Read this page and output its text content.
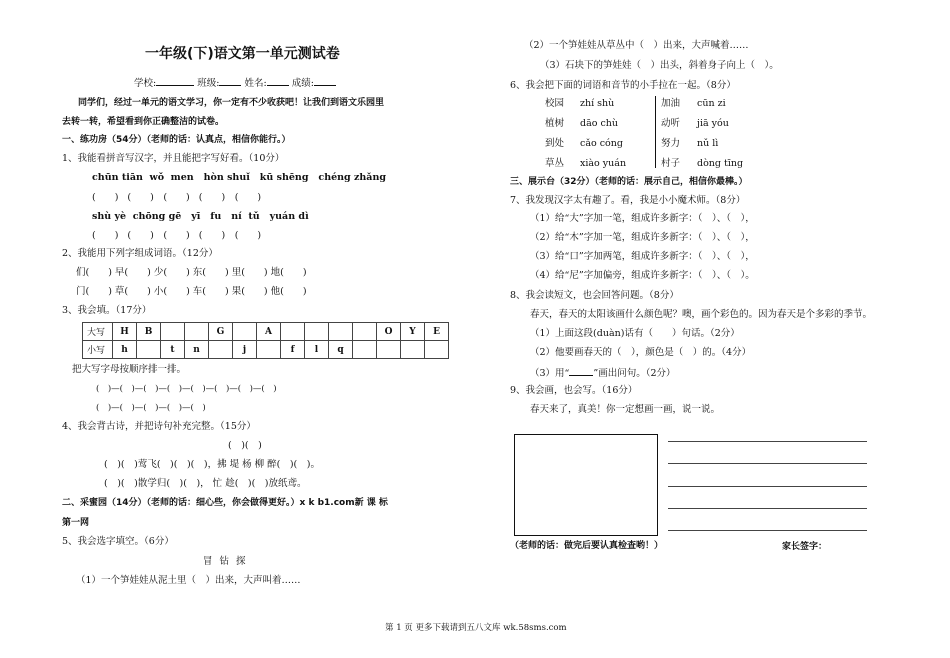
一年级(下)语文第一单元测试卷
学校:	班级:	姓名:	成绩:
同学们，经过一单元的语文学习，你一定有不少收获吧！让我们到语文乐园里
去转一转，希望看到你正确整洁的试卷。
一、练功房（54分）（老师的话：认真点，相信你能行。）
1、我能看拼音写汉字，并且能把字写好看。（10分）
chūn tiān wǒ men hòn shuǐ kū shēng chéng zhǎng
(　　) (　　)　(　　) (　　)　(　　)
shù yè chōng gē yī fu ní tǔ yuán dì
(　　) (　　)　(　　) (　　)　(　　)
2、我能用下列字组成词语。（12分）
们(　　) 早(　　) 少(　　) 东(　　) 里(　　) 地(　　)
门(　　) 草(　　) 小(　　) 车(　　) 果(　　) 他(　　)
3、我会填。（17分）
大写	H	B			G		A					O	Y	E
小写	h		t	n		j		f	l	q				
把大写字母按顺序排一排。
(　)—(　)—(　)—(　)—(　)—(　)—(　)—(　)
(　)—(　)—(　)—(　)—(　)
4、我会背古诗，并把诗句补充完整。（15分）
(　)(　)
(　)(　)莺飞(　)(　)(　)，拂 堤 杨 柳 醉(　)(　)。
(　)(　)散学归(　)(　)， 忙 趁(　)(　)放纸鸢。
二、采蜜园（14分）（老师的话：细心些，你会做得更好。）x k b1.com新 课 标
第一网
5、我会选字填空。（6分）
冒 钻 探
（1）一个笋娃娃从泥土里（　）出来，大声叫着……
（2）一个笋娃娃从草丛中（　）出来，大声喊着……
（3）石块下的笋娃娃（　）出头，斜着身子向上（　）。
6、我会把下面的词语和音节的小手拉在一起。（8分）
校园 zhí shù	加油 cūn zi
植树 dāo chù	动听 jiā yóu
到处 cǎo cóng	努力 nǔ lì
草丛 xiào yuán	村子 dòng tīng
三、展示台（32分）（老师的话：展示自己，相信你最棒。）
7、我发现汉字太有趣了。看，我是小小魔术师。（8分）
（1）给“大”字加一笔，组成许多新字：（　）、（　），
（2）给“木”字加一笔，组成许多新字：（　）、（　），
（3）给“口”字加两笔，组成许多新字：（　）、（　），
（4）给“尼”字加偏旁，组成许多新字：（　）、（　）。
8、我会读短文，也会回答问题。（8分）
春天，春天的太阳该画什么颜色呢？噢，画个彩色的。因为春天是个多彩的季节。
（1）上面这段(duàn)话有（　　）句话。（2分）
（2）他要画春天的（　），颜色是（　）的。（4分）
（3）用“	”画出问句。（2分）
9、我会画，也会写。（16分）
春天来了，真美！你一定想画一画，说一说。
（老师的话：做完后要认真检查哟！）	家长签字：
第 1 页 更多下载请到五八文库 wk.58sms.com
